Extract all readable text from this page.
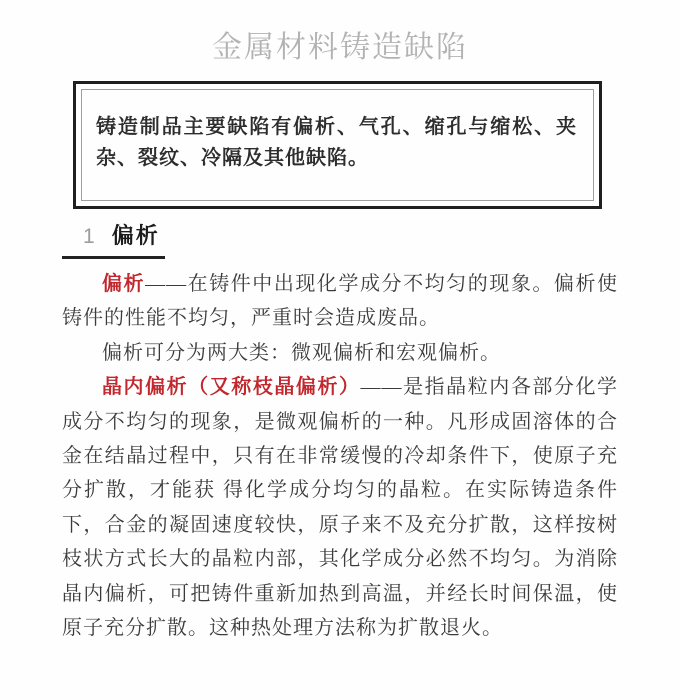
金属材料铸造缺陷

铸造制品主要缺陷有偏析、气孔、缩孔与缩松、夹杂、裂纹、冷隔及其他缺陷。

1 偏析

偏析——在铸件中出现化学成分不均匀的现象。偏析使铸件的性能不均匀，严重时会造成废品。

偏析可分为两大类：微观偏析和宏观偏析。

晶内偏析（又称枝晶偏析）——是指晶粒内各部分化学成分不均匀的现象，是微观偏析的一种。凡形成固溶体的合金在结晶过程中，只有在非常缓慢的冷却条件下，使原子充分扩散，才能获 得化学成分均匀的晶粒。在实际铸造条件下，合金的凝固速度较快，原子来不及充分扩散，这样按树枝状方式长大的晶粒内部，其化学成分必然不均匀。为消除晶内偏析，可把铸件重新加热到高温，并经长时间保温，使原子充分扩散。这种热处理方法称为扩散退火。
